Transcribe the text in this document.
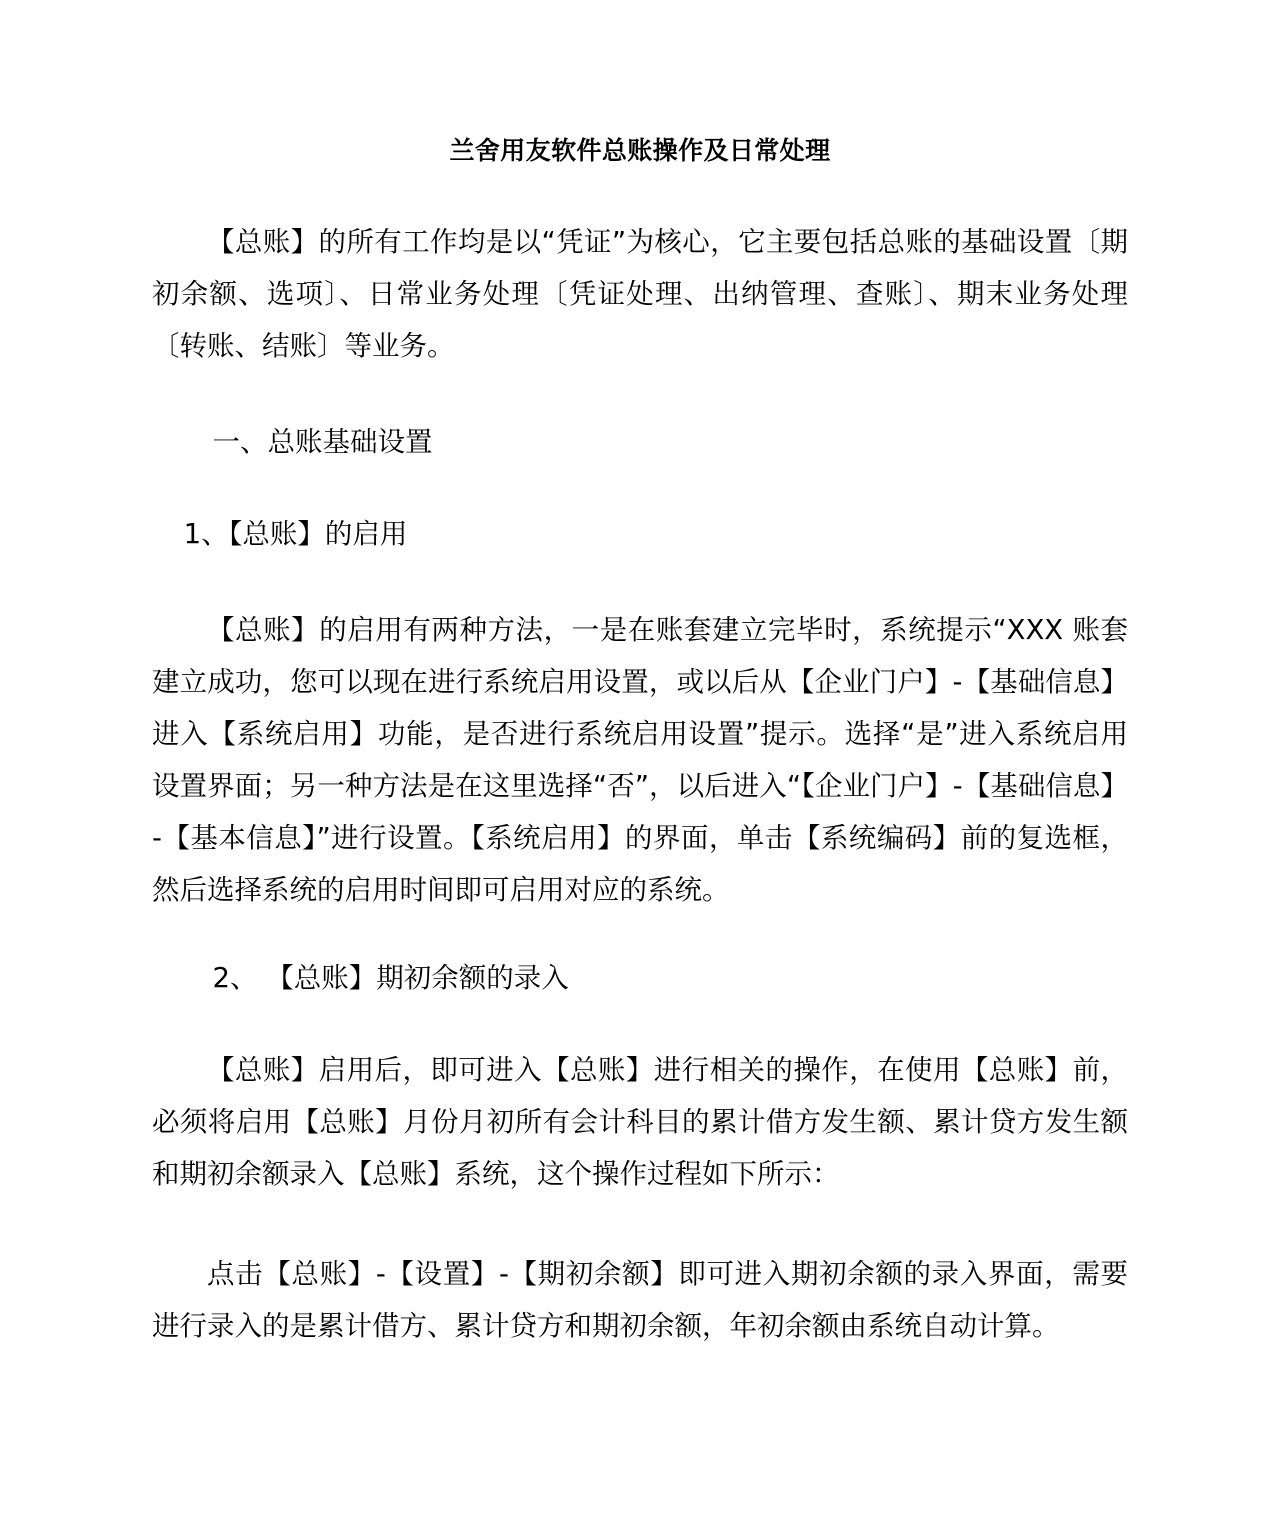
兰舍用友软件总账操作及日常处理

【总账】的所有工作均是以“凭证”为核心，它主要包括总账的基础设置〔期初余额、选项〕、日常业务处理〔凭证处理、出纳管理、查账〕、期末业务处理〔转账、结账〕等业务。

一、总账基础设置

1、【总账】的启用

【总账】的启用有两种方法，一是在账套建立完毕时，系统提示“XXX 账套建立成功，您可以现在进行系统启用设置，或以后从【企业门户】-【基础信息】进入【系统启用】功能，是否进行系统启用设置”提示。选择“是”进入系统启用设置界面；另一种方法是在这里选择“否”，以后进入“【企业门户】-【基础信息】-【基本信息】”进行设置。【系统启用】的界面，单击【系统编码】前的复选框，然后选择系统的启用时间即可启用对应的系统。

2、 【总账】期初余额的录入

【总账】启用后，即可进入【总账】进行相关的操作，在使用【总账】前，必须将启用【总账】月份月初所有会计科目的累计借方发生额、累计贷方发生额和期初余额录入【总账】系统，这个操作过程如下所示：

点击【总账】-【设置】-【期初余额】即可进入期初余额的录入界面，需要进行录入的是累计借方、累计贷方和期初余额，年初余额由系统自动计算。
